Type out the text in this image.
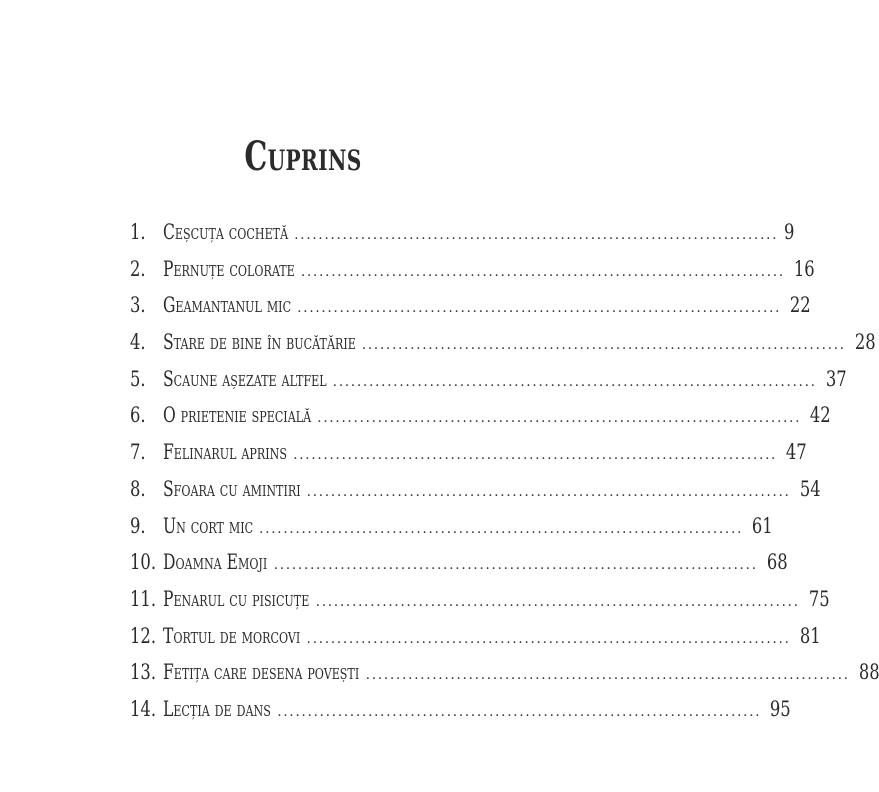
Cuprins
1. Ceșcuța cochetă ................................................................................ 9
2. Pernuțe colorate ................................................................................ 16
3. Geamantanul mic ................................................................................ 22
4. Stare de bine în bucătărie ................................................................................ 28
5. Scaune așezate altfel ................................................................................ 37
6. O prietenie specială ................................................................................ 42
7. Felinarul aprins ................................................................................ 47
8. Sfoara cu amintiri ................................................................................ 54
9. Un cort mic ................................................................................ 61
10. Doamna Emoji ................................................................................ 68
11. Penarul cu pisicuțe ................................................................................ 75
12. Tortul de morcovi ................................................................................ 81
13. Fetița care desena povești ................................................................................ 88
14. Lecția de dans ................................................................................ 95
